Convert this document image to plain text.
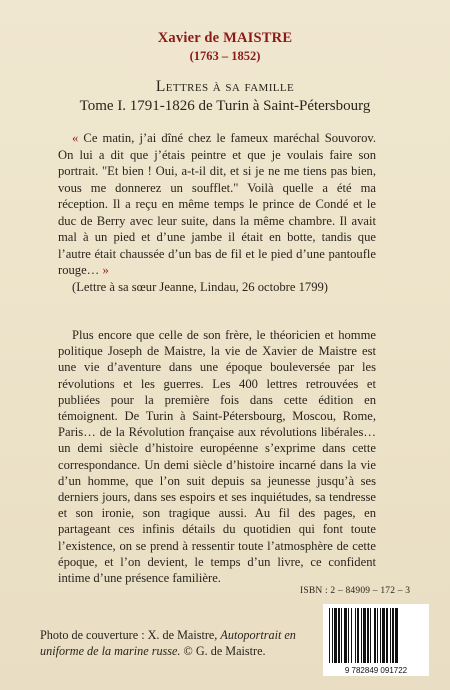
Xavier de MAISTRE
(1763 – 1852)
Lettres à sa famille
Tome I. 1791-1826 de Turin à Saint-Pétersbourg
« Ce matin, j’ai dîné chez le fameux maréchal Souvorov. On lui a dit que j’étais peintre et que je voulais faire son portrait. "Et bien ! Oui, a-t-il dit, et si je ne me tiens pas bien, vous me donnerez un soufflet." Voilà quelle a été ma réception. Il a reçu en même temps le prince de Condé et le duc de Berry avec leur suite, dans la même chambre. Il avait mal à un pied et d’une jambe il était en botte, tandis que l’autre était chaussée d’un bas de fil et le pied d’une pantoufle rouge… »
(Lettre à sa sœur Jeanne, Lindau, 26 octobre 1799)
Plus encore que celle de son frère, le théoricien et homme politique Joseph de Maistre, la vie de Xavier de Maistre est une vie d’aventure dans une époque bouleversée par les révolutions et les guerres. Les 400 lettres retrouvées et publiées pour la première fois dans cette édition en témoignent. De Turin à Saint-Pétersbourg, Moscou, Rome, Paris… de la Révolution française aux révolutions libérales… un demi siècle d’histoire européenne s’exprime dans cette correspondance. Un demi siècle d’histoire incarné dans la vie d’un homme, que l’on suit depuis sa jeunesse jusqu’à ses derniers jours, dans ses espoirs et ses inquiétudes, sa tendresse et son ironie, son tragique aussi. Au fil des pages, en partageant ces infinis détails du quotidien qui font toute l’existence, on se prend à ressentir toute l’atmosphère de cette époque, et l’on devient, le temps d’un livre, ce confident intime d’une présence familière.
ISBN : 2 – 84909 – 172 – 3
9 782849 091722
Photo de couverture : X. de Maistre, Autoportrait en uniforme de la marine russe. © G. de Maistre.
